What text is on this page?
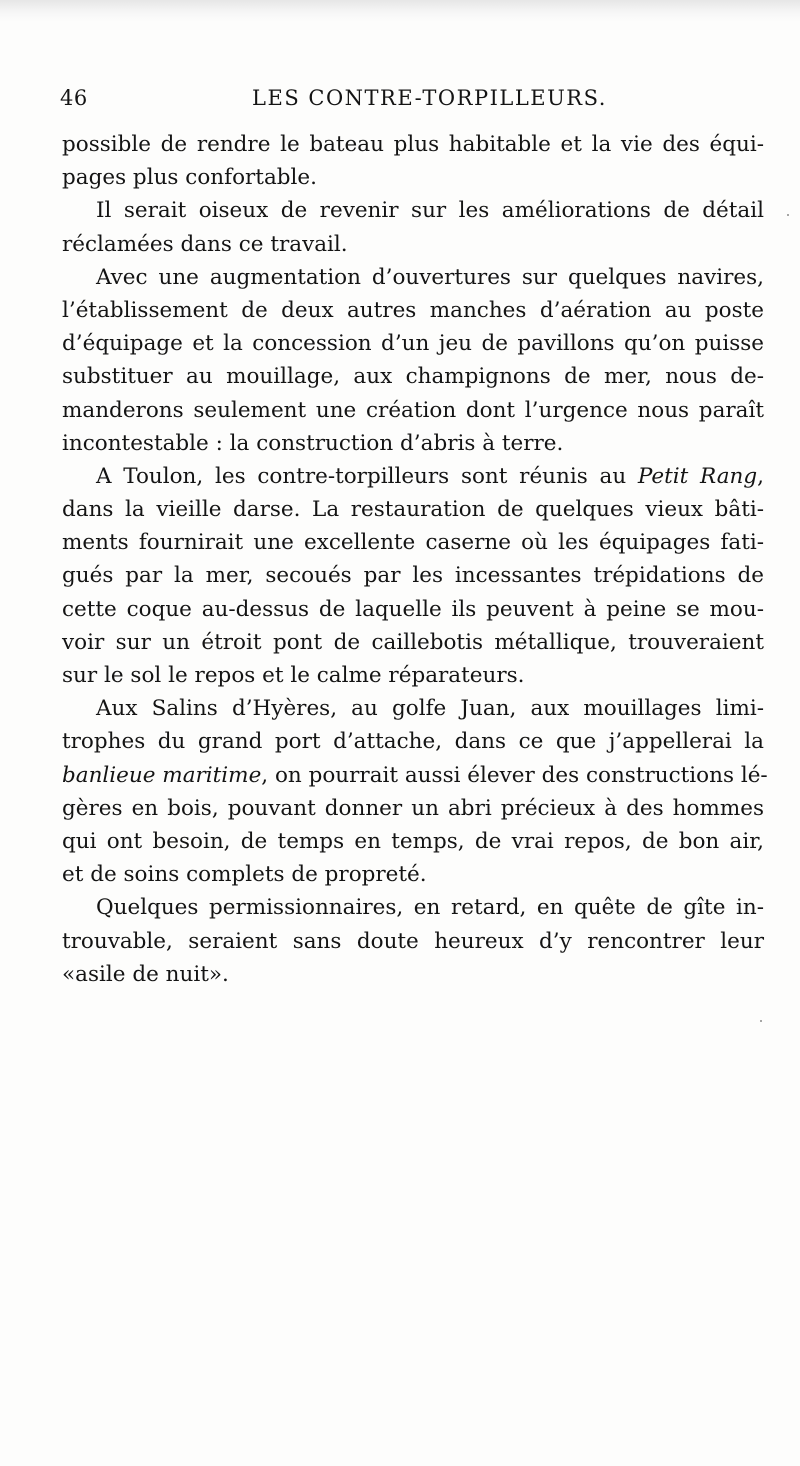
46	LES CONTRE-TORPILLEURS.
possible de rendre le bateau plus habitable et la vie des équi-
pages plus confortable.
Il serait oiseux de revenir sur les améliorations de détail
réclamées dans ce travail.
Avec une augmentation d’ouvertures sur quelques navires,
l’établissement de deux autres manches d’aération au poste
d’équipage et la concession d’un jeu de pavillons qu’on puisse
substituer au mouillage, aux champignons de mer, nous de-
manderons seulement une création dont l’urgence nous paraît
incontestable : la construction d’abris à terre.
A Toulon, les contre-torpilleurs sont réunis au Petit Rang,
dans la vieille darse. La restauration de quelques vieux bâti-
ments fournirait une excellente caserne où les équipages fati-
gués par la mer, secoués par les incessantes trépidations de
cette coque au-dessus de laquelle ils peuvent à peine se mou-
voir sur un étroit pont de caillebotis métallique, trouveraient
sur le sol le repos et le calme réparateurs.
Aux Salins d’Hyères, au golfe Juan, aux mouillages limi-
trophes du grand port d’attache, dans ce que j’appellerai la
banlieue maritime, on pourrait aussi élever des constructions lé-
gères en bois, pouvant donner un abri précieux à des hommes
qui ont besoin, de temps en temps, de vrai repos, de bon air,
et de soins complets de propreté.
Quelques permissionnaires, en retard, en quête de gîte in-
trouvable, seraient sans doute heureux d’y rencontrer leur
«asile de nuit».
